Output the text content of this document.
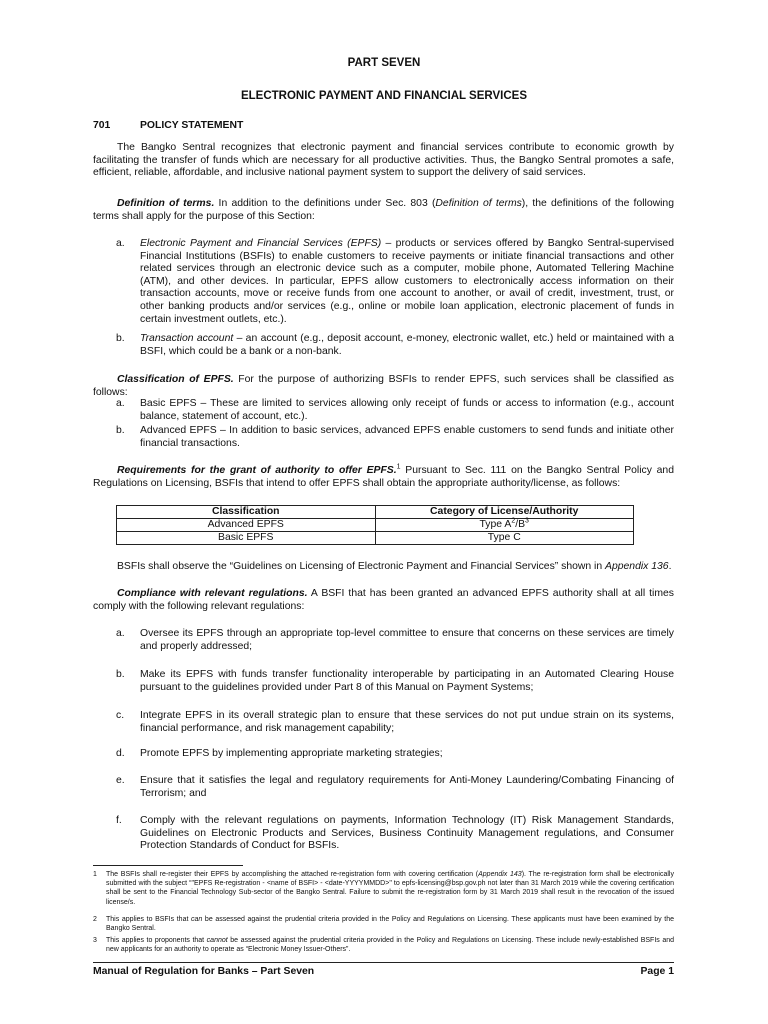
PART SEVEN
ELECTRONIC PAYMENT AND FINANCIAL SERVICES
701	POLICY STATEMENT
The Bangko Sentral recognizes that electronic payment and financial services contribute to economic growth by facilitating the transfer of funds which are necessary for all productive activities. Thus, the Bangko Sentral promotes a safe, efficient, reliable, affordable, and inclusive national payment system to support the delivery of said services.
Definition of terms. In addition to the definitions under Sec. 803 (Definition of terms), the definitions of the following terms shall apply for the purpose of this Section:
a.	Electronic Payment and Financial Services (EPFS) – products or services offered by Bangko Sentral-supervised Financial Institutions (BSFIs) to enable customers to receive payments or initiate financial transactions and other related services through an electronic device such as a computer, mobile phone, Automated Tellering Machine (ATM), and other devices. In particular, EPFS allow customers to electronically access information on their transaction accounts, move or receive funds from one account to another, or avail of credit, investment, trust, or other banking products and/or services (e.g., online or mobile loan application, electronic placement of funds in certain investment outlets, etc.).
b.	Transaction account – an account (e.g., deposit account, e-money, electronic wallet, etc.) held or maintained with a BSFI, which could be a bank or a non-bank.
Classification of EPFS. For the purpose of authorizing BSFIs to render EPFS, such services shall be classified as follows:
a.	Basic EPFS – These are limited to services allowing only receipt of funds or access to information (e.g., account balance, statement of account, etc.).
b.	Advanced EPFS – In addition to basic services, advanced EPFS enable customers to send funds and initiate other financial transactions.
Requirements for the grant of authority to offer EPFS.$^1$ Pursuant to Sec. 111 on the Bangko Sentral Policy and Regulations on Licensing, BSFIs that intend to offer EPFS shall obtain the appropriate authority/license, as follows:
Classification	Category of License/Authority
Advanced EPFS	Type $A^2/B^3$
Basic EPFS	Type C
BSFIs shall observe the “Guidelines on Licensing of Electronic Payment and Financial Services” shown in Appendix 136.
Compliance with relevant regulations. A BSFI that has been granted an advanced EPFS authority shall at all times comply with the following relevant regulations:
a.	Oversee its EPFS through an appropriate top-level committee to ensure that concerns on these services are timely and properly addressed;
b.	Make its EPFS with funds transfer functionality interoperable by participating in an Automated Clearing House pursuant to the guidelines provided under Part 8 of this Manual on Payment Systems;
c.	Integrate EPFS in its overall strategic plan to ensure that these services do not put undue strain on its systems, financial performance, and risk management capability;
d.	Promote EPFS by implementing appropriate marketing strategies;
e.	Ensure that it satisfies the legal and regulatory requirements for Anti-Money Laundering/Combating Financing of Terrorism; and
f.	Comply with the relevant regulations on payments, Information Technology (IT) Risk Management Standards, Guidelines on Electronic Products and Services, Business Continuity Management regulations, and Consumer Protection Standards of Conduct for BSFIs.
1	The BSFIs shall re-register their EPFS by accomplishing the attached re-registration form with covering certification (Appendix 143). The re-registration form shall be electronically submitted with the subject “"EPFS Re-registration - <name of BSFI> - <date-YYYYMMDD>" to epfs-licensing@bsp.gov.ph not later than 31 March 2019 while the covering certification shall be sent to the Financial Technology Sub-sector of the Bangko Sentral. Failure to submit the re-registration form by 31 March 2019 shall result in the revocation of the issued license/s.
2	This applies to BSFIs that can be assessed against the prudential criteria provided in the Policy and Regulations on Licensing. These applicants must have been examined by the Bangko Sentral.
3	This applies to proponents that cannot be assessed against the prudential criteria provided in the Policy and Regulations on Licensing. These include newly-established BSFIs and new applicants for an authority to operate as “Electronic Money Issuer-Others”.
Manual of Regulation for Banks – Part Seven	Page 1
